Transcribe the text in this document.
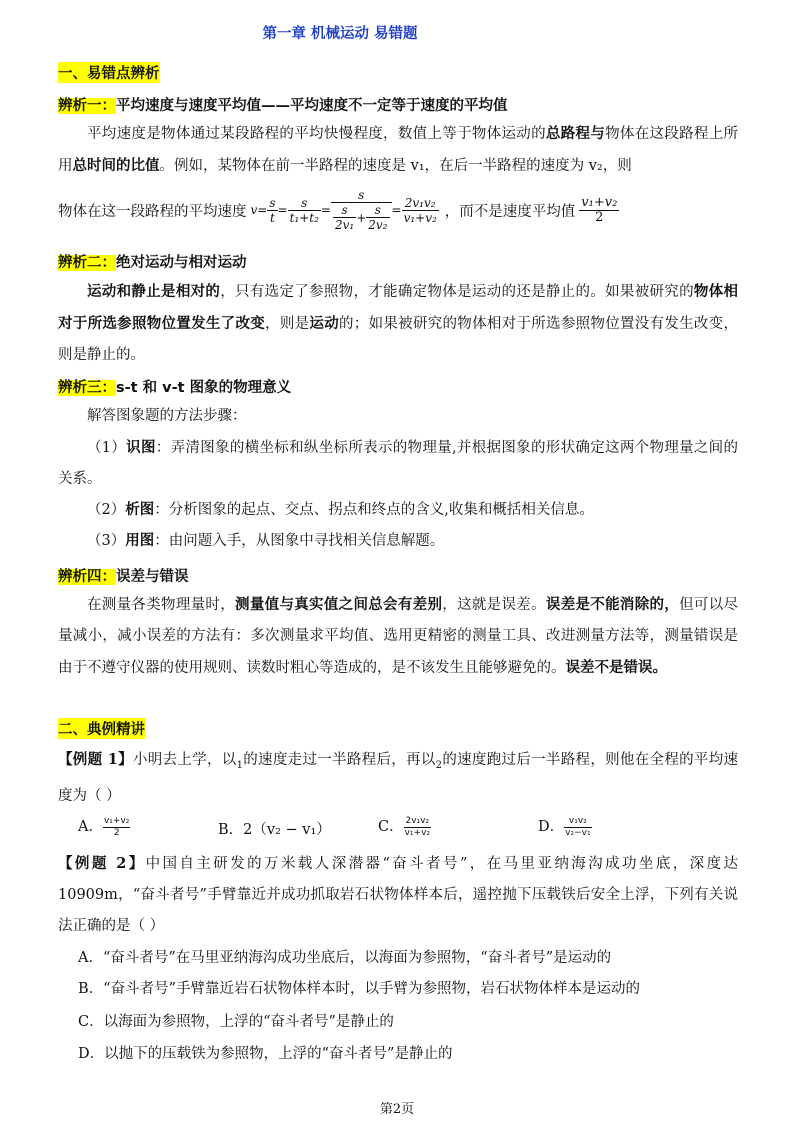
第一章 机械运动 易错题
一、易错点辨析
辨析一：平均速度与速度平均值——平均速度不一定等于速度的平均值
平均速度是物体通过某段路程的平均快慢程度，数值上等于物体运动的总路程与物体在这段路程上所用总时间的比值。例如，某物体在前一半路程的速度是 v₁，在后一半路程的速度为 v₂，则
物体在这一段路程的平均速度 $v = \frac{s}{t} = \frac{s}{\text{t₁+t₂}} = \frac{s}{\frac{s}{\text{2v₁}} + \frac{s}{\text{2v₂}}} = \frac{\text{2v₁v₂}}{\text{v₁+v₂}}$ ，而不是速度平均值 $\frac{\text{v₁+v₂}}{2}$
辨析二：绝对运动与相对运动
运动和静止是相对的，只有选定了参照物，才能确定物体是运动的还是静止的。如果被研究的物体相对于所选参照物位置发生了改变，则是运动的；如果被研究的物体相对于所选参照物位置没有发生改变，则是静止的。
辨析三：s-t 和 v-t 图象的物理意义
解答图象题的方法步骤：
（1）识图：弄清图象的横坐标和纵坐标所表示的物理量,并根据图象的形状确定这两个物理量之间的关系。
（2）析图：分析图象的起点、交点、拐点和终点的含义,收集和概括相关信息。
（3）用图：由问题入手，从图象中寻找相关信息解题。
辨析四：误差与错误
在测量各类物理量时，测量值与真实值之间总会有差别，这就是误差。误差是不能消除的，但可以尽量减小，减小误差的方法有：多次测量求平均值、选用更精密的测量工具、改进测量方法等，测量错误是由于不遵守仪器的使用规则、读数时粗心等造成的，是不该发生且能够避免的。误差不是错误。
二、典例精讲
【例题 1】小明去上学，以$_1$的速度走过一半路程后，再以$_2$的速度跑过后一半路程，则他在全程的平均速度为（ ）
A． $\frac{\text{v₁+v₂}}{2}$	B．2（v₂ − v₁）	C． $\frac{\text{2v₁v₂}}{\text{v₁+v₂}}$	D． $\frac{\text{v₁v₂}}{\text{v₂−v₁}}$
【例题 2】中国自主研发的万米载人深潜器“奋斗者号”，在马里亚纳海沟成功坐底，深度达 10909m，“奋斗者号”手臂靠近并成功抓取岩石状物体样本后，遥控抛下压载铁后安全上浮，下列有关说法正确的是（ ）
A．“奋斗者号”在马里亚纳海沟成功坐底后，以海面为参照物，“奋斗者号”是运动的
B．“奋斗者号”手臂靠近岩石状物体样本时，以手臂为参照物，岩石状物体样本是运动的
C．以海面为参照物，上浮的“奋斗者号”是静止的
D．以抛下的压载铁为参照物，上浮的“奋斗者号”是静止的
第2页
